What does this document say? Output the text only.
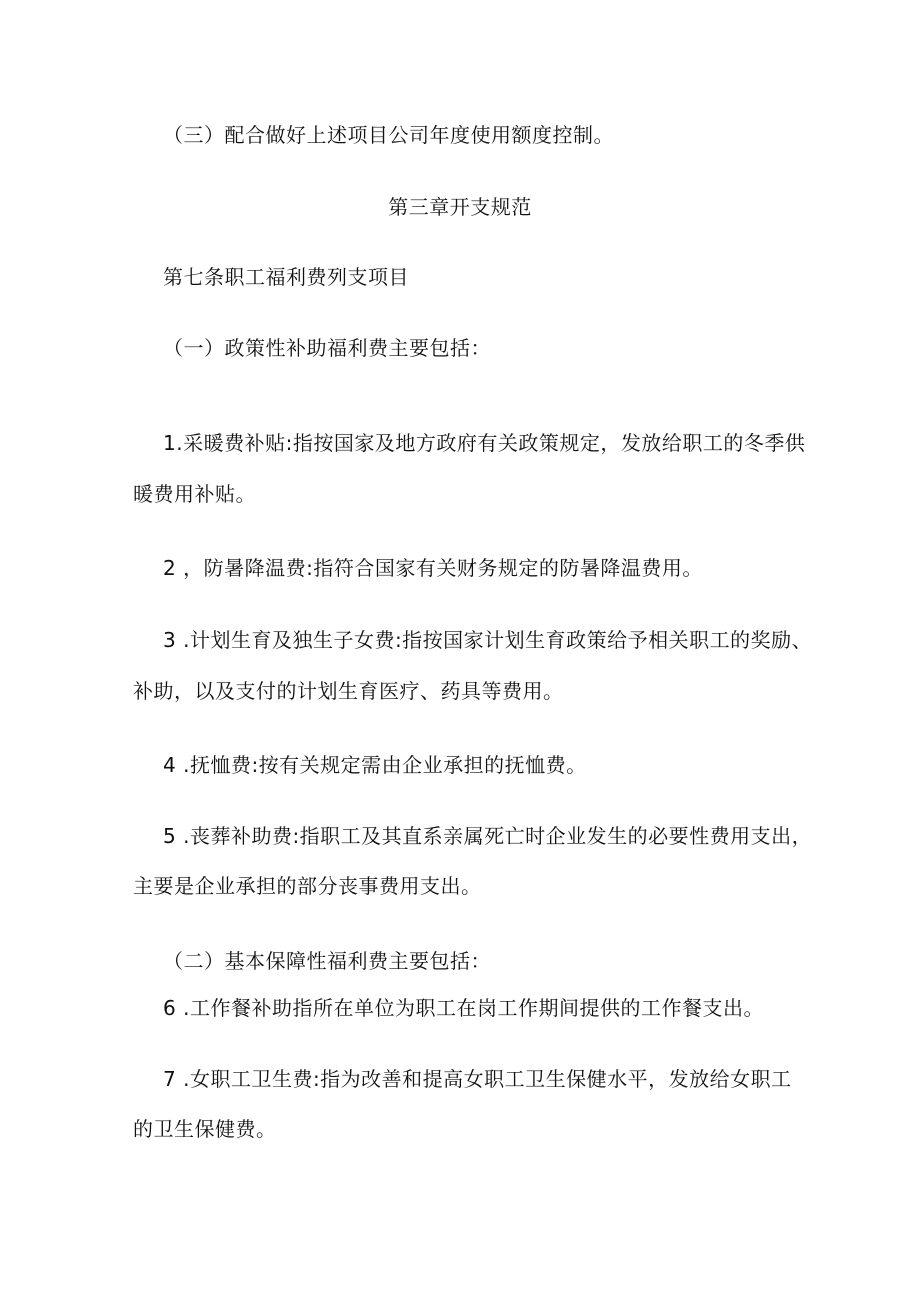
（三）配合做好上述项目公司年度使用额度控制。
第三章开支规范
第七条职工福利费列支项目
（一）政策性补助福利费主要包括：
1.采暖费补贴:指按国家及地方政府有关政策规定，发放给职工的冬季供
暖费用补贴。
2 ，防暑降温费:指符合国家有关财务规定的防暑降温费用。
3 .计划生育及独生子女费:指按国家计划生育政策给予相关职工的奖励、
补助，以及支付的计划生育医疗、药具等费用。
4 .抚恤费:按有关规定需由企业承担的抚恤费。
5 .丧葬补助费:指职工及其直系亲属死亡时企业发生的必要性费用支出，
主要是企业承担的部分丧事费用支出。
（二）基本保障性福利费主要包括：
6 .工作餐补助指所在单位为职工在岗工作期间提供的工作餐支出。
7 .女职工卫生费:指为改善和提高女职工卫生保健水平，发放给女职工
的卫生保健费。
